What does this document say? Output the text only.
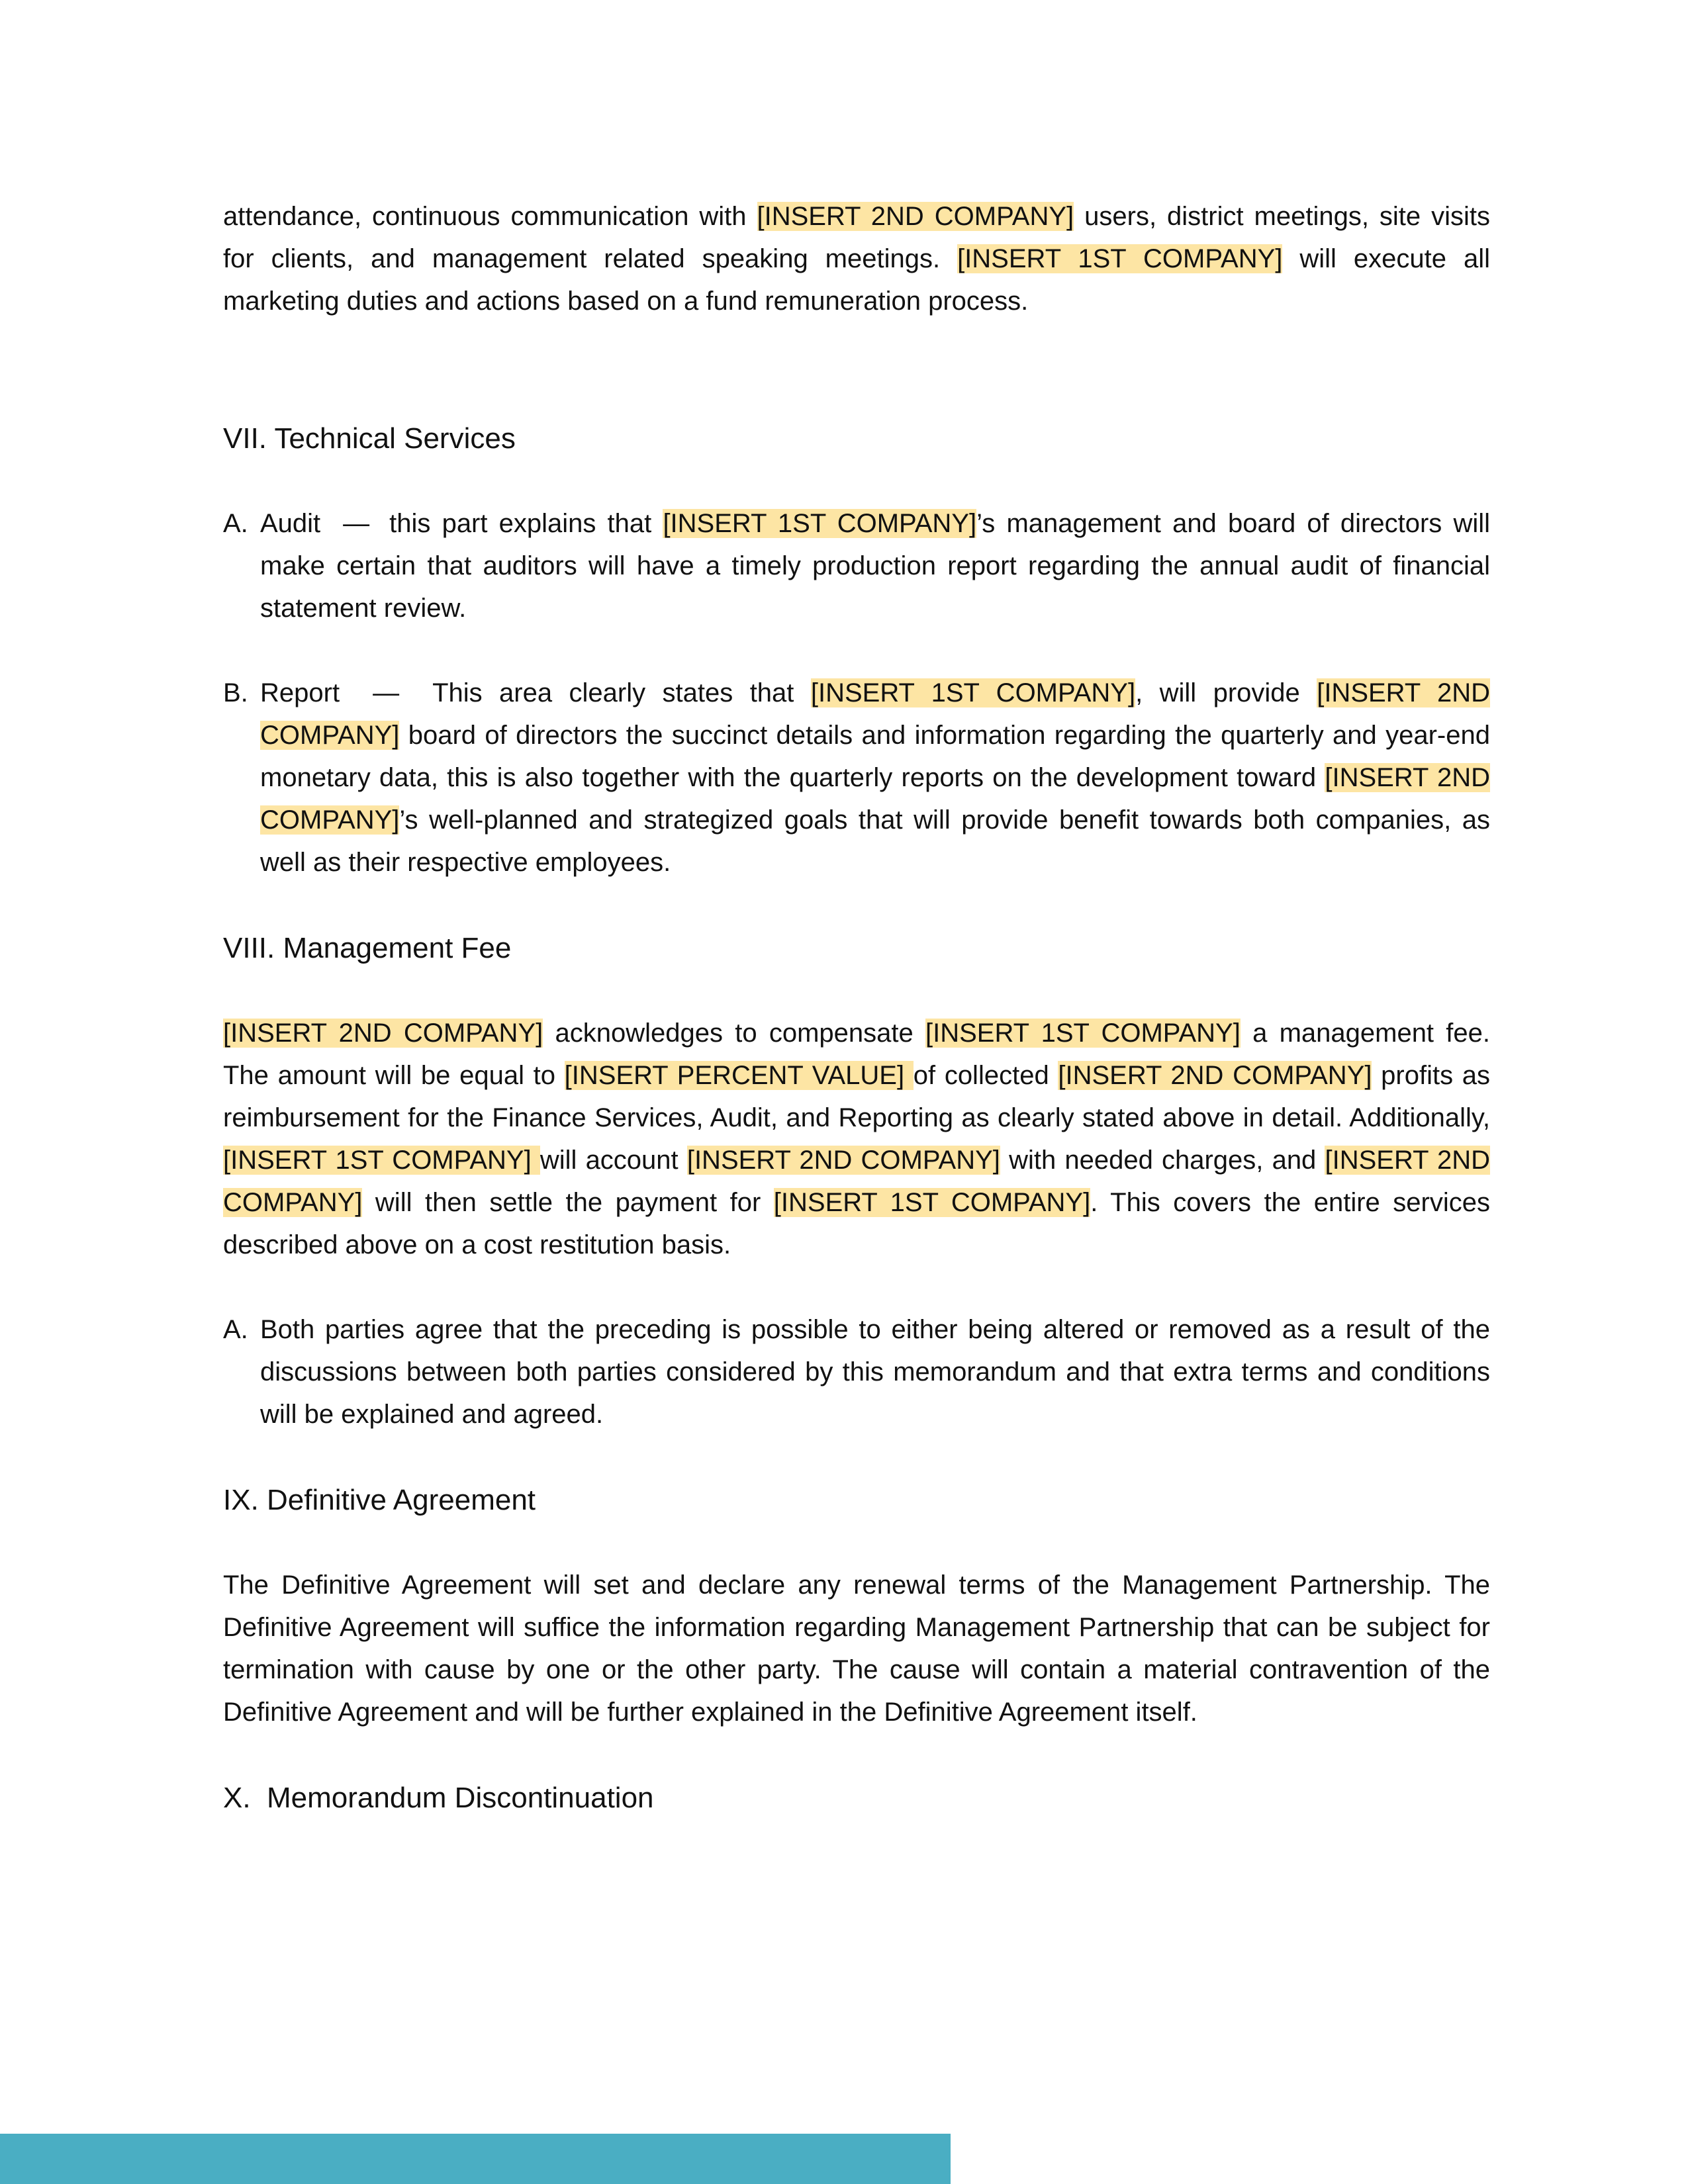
attendance, continuous communication with [INSERT 2ND COMPANY] users, district meetings, site visits for clients, and management related speaking meetings. [INSERT 1ST COMPANY] will execute all marketing duties and actions based on a fund remuneration process.

VII. Technical Services

A. Audit — this part explains that [INSERT 1ST COMPANY]’s management and board of directors will make certain that auditors will have a timely production report regarding the annual audit of financial statement review.

B. Report — This area clearly states that [INSERT 1ST COMPANY], will provide [INSERT 2ND COMPANY] board of directors the succinct details and information regarding the quarterly and year-end monetary data, this is also together with the quarterly reports on the development toward [INSERT 2ND COMPANY]’s well-planned and strategized goals that will provide benefit towards both companies, as well as their respective employees.

VIII. Management Fee

[INSERT 2ND COMPANY] acknowledges to compensate [INSERT 1ST COMPANY] a management fee. The amount will be equal to [INSERT PERCENT VALUE] of collected [INSERT 2ND COMPANY] profits as reimbursement for the Finance Services, Audit, and Reporting as clearly stated above in detail. Additionally, [INSERT 1ST COMPANY] will account [INSERT 2ND COMPANY] with needed charges, and [INSERT 2ND COMPANY] will then settle the payment for [INSERT 1ST COMPANY]. This covers the entire services described above on a cost restitution basis.

A. Both parties agree that the preceding is possible to either being altered or removed as a result of the discussions between both parties considered by this memorandum and that extra terms and conditions will be explained and agreed.

IX. Definitive Agreement

The Definitive Agreement will set and declare any renewal terms of the Management Partnership. The Definitive Agreement will suffice the information regarding Management Partnership that can be subject for termination with cause by one or the other party. The cause will contain a material contravention of the Definitive Agreement and will be further explained in the Definitive Agreement itself.

X.  Memorandum Discontinuation
